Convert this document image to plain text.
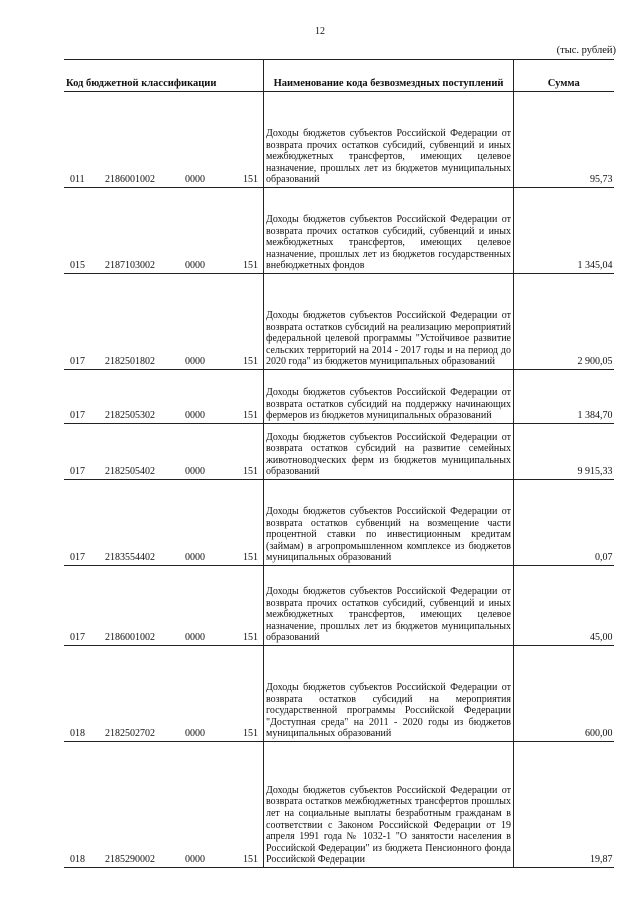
12
(тыс. рублей)
Код бюджетной классификации	Наименование кода безвозмездных поступлений	Сумма
011 2186001002 0000 151	Доходы бюджетов субъектов Российской Федерации от возврата прочих остатков субсидий, субвенций и иных межбюджетных трансфертов, имеющих целевое назначение, прошлых лет из бюджетов муниципальных образований	95,73
015 2187103002 0000 151	Доходы бюджетов субъектов Российской Федерации от возврата прочих остатков субсидий, субвенций и иных межбюджетных трансфертов, имеющих целевое назначение, прошлых лет из бюджетов государственных внебюджетных фондов	1 345,04
017 2182501802 0000 151	Доходы бюджетов субъектов Российской Федерации от возврата остатков субсидий на реализацию мероприятий федеральной целевой программы "Устойчивое развитие сельских территорий на 2014 - 2017 годы и на период до 2020 года" из бюджетов муниципальных образований	2 900,05
017 2182505302 0000 151	Доходы бюджетов субъектов Российской Федерации от возврата остатков субсидий на поддержку начинающих фермеров из бюджетов муниципальных образований	1 384,70
017 2182505402 0000 151	Доходы бюджетов субъектов Российской Федерации от возврата остатков субсидий на развитие семейных животноводческих ферм из бюджетов муниципальных образований	9 915,33
017 2183554402 0000 151	Доходы бюджетов субъектов Российской Федерации от возврата остатков субвенций на возмещение части процентной ставки по инвестиционным кредитам (займам) в агропромышленном комплексе из бюджетов муниципальных образований	0,07
017 2186001002 0000 151	Доходы бюджетов субъектов Российской Федерации от возврата прочих остатков субсидий, субвенций и иных межбюджетных трансфертов, имеющих целевое назначение, прошлых лет из бюджетов муниципальных образований	45,00
018 2182502702 0000 151	Доходы бюджетов субъектов Российской Федерации от возврата остатков субсидий на мероприятия государственной программы Российской Федерации "Доступная среда" на 2011 - 2020 годы из бюджетов муниципальных образований	600,00
018 2185290002 0000 151	Доходы бюджетов субъектов Российской Федерации от возврата остатков межбюджетных трансфертов прошлых лет на социальные выплаты безработным гражданам в соответствии с Законом Российской Федерации от 19 апреля 1991 года № 1032-1 "О занятости населения в Российской Федерации" из бюджета Пенсионного фонда Российской Федерации	19,87
